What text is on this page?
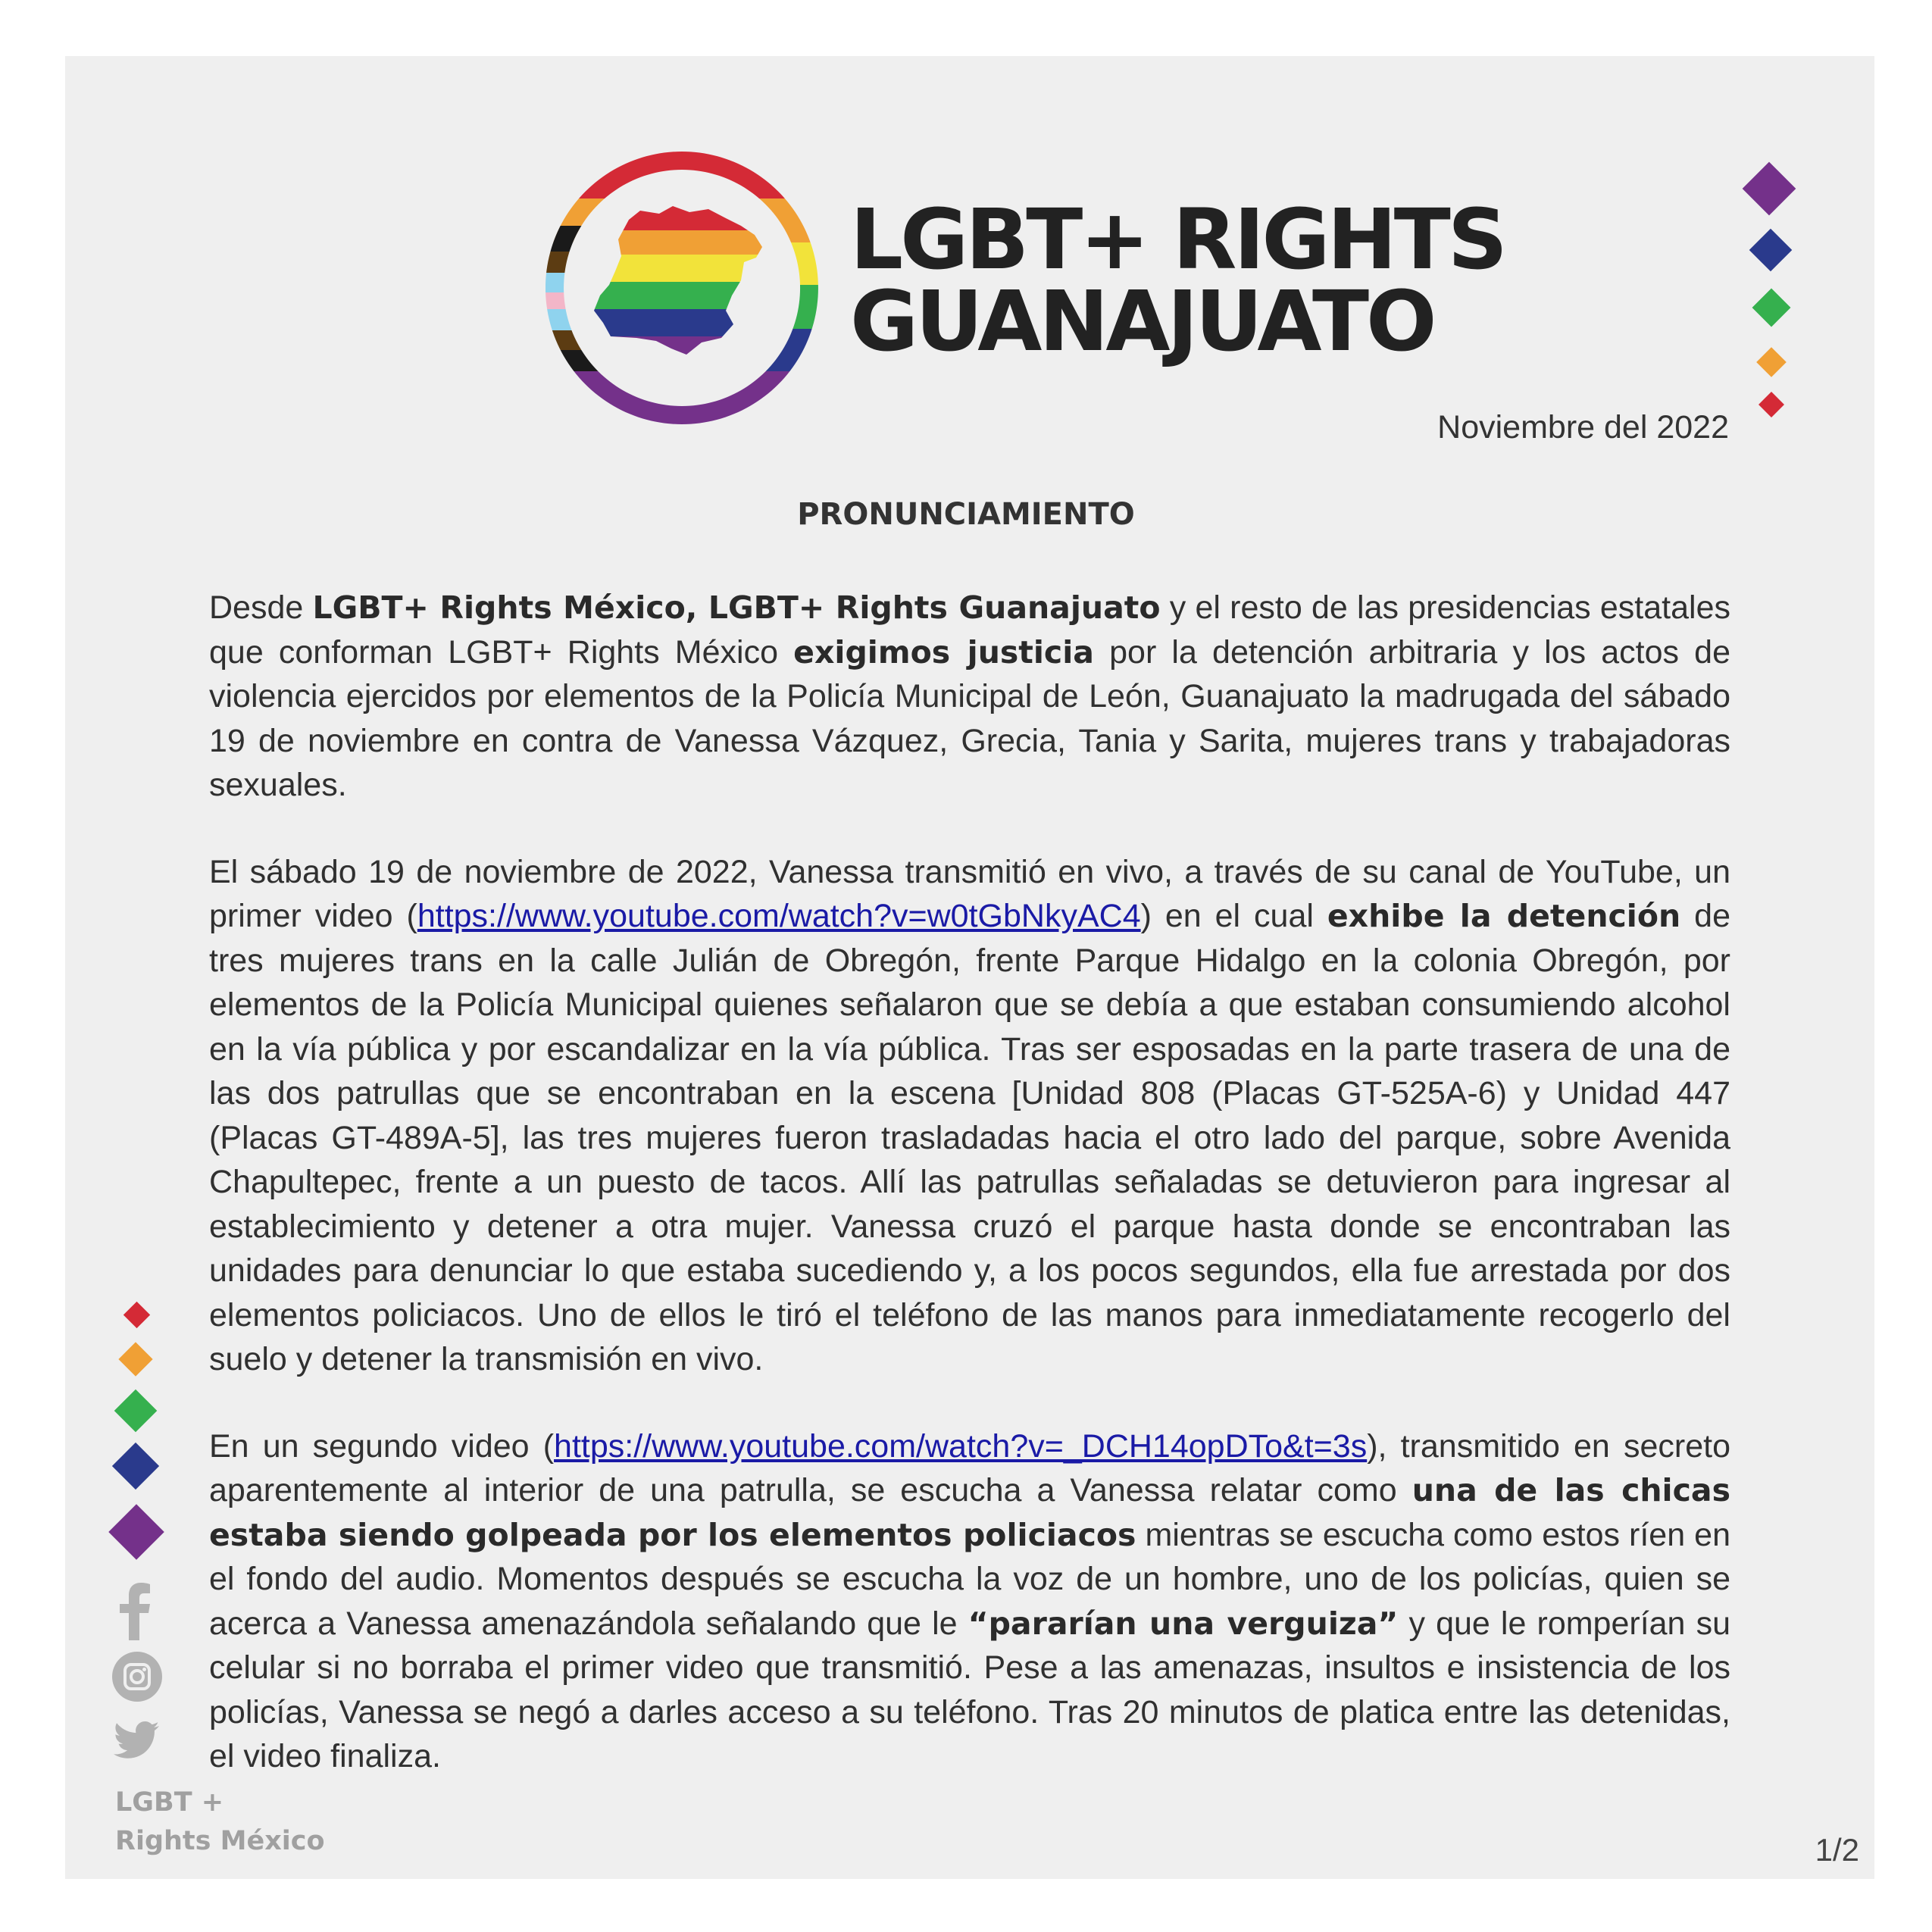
LGBT+ RIGHTS
GUANAJUATO
Noviembre del 2022
PRONUNCIAMIENTO

Desde LGBT+ Rights México, LGBT+ Rights Guanajuato y el resto de las presidencias estatales que conforman LGBT+ Rights México exigimos justicia por la detención arbitraria y los actos de violencia ejercidos por elementos de la Policía Municipal de León, Guanajuato la madrugada del sábado 19 de noviembre en contra de Vanessa Vázquez, Grecia, Tania y Sarita, mujeres trans y trabajadoras sexuales.

El sábado 19 de noviembre de 2022, Vanessa transmitió en vivo, a través de su canal de YouTube, un primer video (https://www.youtube.com/watch?v=w0tGbNkyAC4) en el cual exhibe la detención de tres mujeres trans en la calle Julián de Obregón, frente Parque Hidalgo en la colonia Obregón, por elementos de la Policía Municipal quienes señalaron que se debía a que estaban consumiendo alcohol en la vía pública y por escandalizar en la vía pública. Tras ser esposadas en la parte trasera de una de las dos patrullas que se encontraban en la escena [Unidad 808 (Placas GT-525A-6) y Unidad 447 (Placas GT-489A-5], las tres mujeres fueron trasladadas hacia el otro lado del parque, sobre Avenida Chapultepec, frente a un puesto de tacos. Allí las patrullas señaladas se detuvieron para ingresar al establecimiento y detener a otra mujer. Vanessa cruzó el parque hasta donde se encontraban las unidades para denunciar lo que estaba sucediendo y, a los pocos segundos, ella fue arrestada por dos elementos policiacos. Uno de ellos le tiró el teléfono de las manos para inmediatamente recogerlo del suelo y detener la transmisión en vivo.

En un segundo video (https://www.youtube.com/watch?v=_DCH14opDTo&t=3s), transmitido en secreto aparentemente al interior de una patrulla, se escucha a Vanessa relatar como una de las chicas estaba siendo golpeada por los elementos policiacos mientras se escucha como estos ríen en el fondo del audio. Momentos después se escucha la voz de un hombre, uno de los policías, quien se acerca a Vanessa amenazándola señalando que le “pararían una verguiza” y que le romperían su celular si no borraba el primer video que transmitió. Pese a las amenazas, insultos e insistencia de los policías, Vanessa se negó a darles acceso a su teléfono. Tras 20 minutos de platica entre las detenidas, el video finaliza.

LGBT +
Rights México	1/2
